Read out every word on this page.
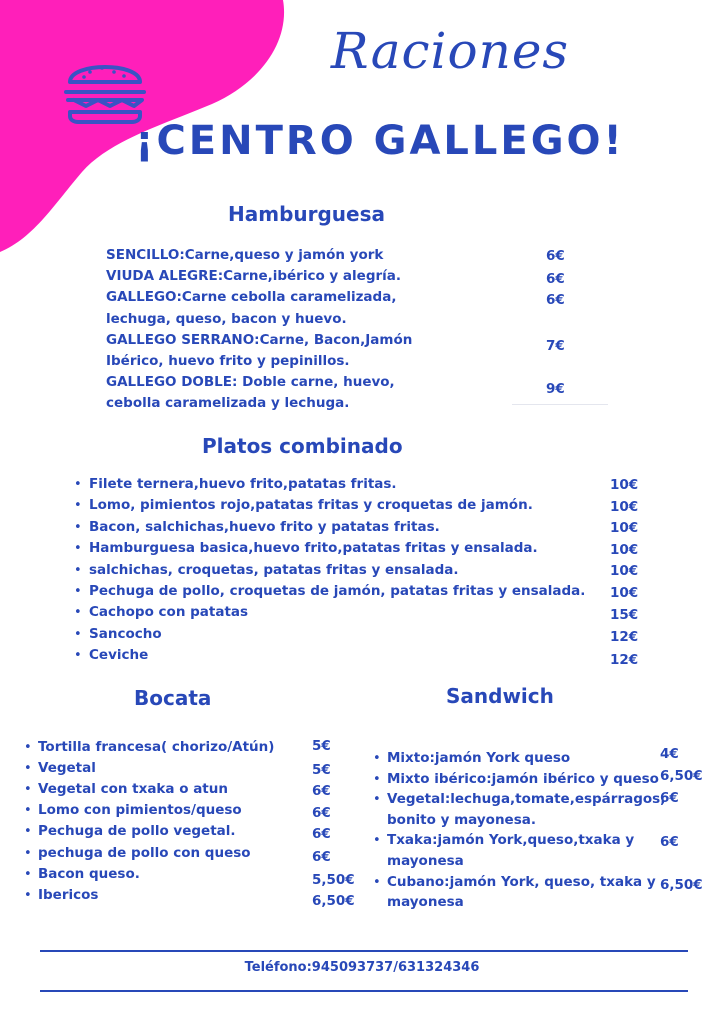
Raciones
¡CENTRO GALLEGO!
Hamburguesa
SENCILLO:Carne,queso y jamón york	6€
VIUDA ALEGRE:Carne,ibérico y alegría.	6€
GALLEGO:Carne cebolla caramelizada,
lechuga, queso, bacon y huevo.
6€
GALLEGO SERRANO:Carne, Bacon,Jamón
Ibérico, huevo frito y pepinillos.
7€
GALLEGO DOBLE: Doble carne, huevo,
cebolla caramelizada y lechuga.
9€
Platos combinado
• Filete ternera,huevo frito,patatas fritas.	10€
• Lomo, pimientos rojo,patatas fritas y croquetas de jamón.	10€
• Bacon, salchichas,huevo frito y patatas fritas.	10€
• Hamburguesa basica,huevo frito,patatas fritas y ensalada.	10€
• salchichas, croquetas, patatas fritas y ensalada.	10€
• Pechuga de pollo, croquetas de jamón, patatas fritas y ensalada. 10€
• Cachopo con patatas	15€
• Sancocho	12€
• Ceviche	12€
Bocata
• Tortilla francesa( chorizo/Atún)	5€
• Vegetal	5€
• Vegetal con txaka o atun	6€
• Lomo con pimientos/queso	6€
• Pechuga de pollo vegetal.	6€
• pechuga de pollo con queso	6€
• Bacon queso.	5,50€
• Ibericos	6,50€
Sandwich
• Mixto:jamón York queso	4€
• Mixto ibérico:jamón ibérico y queso 6,50€
• Vegetal:lechuga,tomate,espárragos,
bonito y mayonesa.
6€
• Txaka:jamón York,queso,txaka y
mayonesa
6€
• Cubano:jamón York, queso, txaka y
mayonesa
6,50€
Teléfono:945093737/631324346
